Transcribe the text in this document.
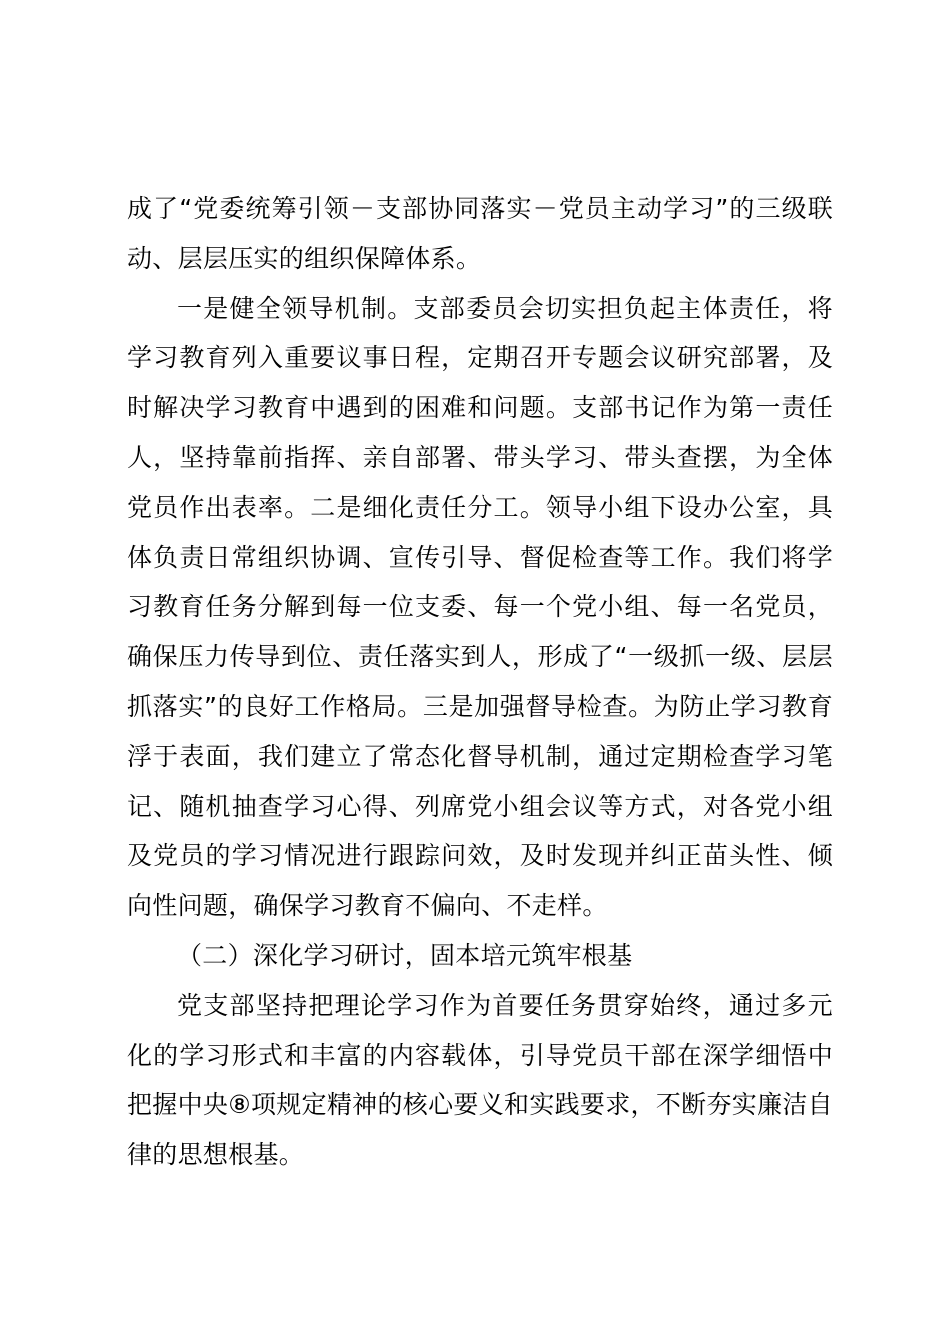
成了“党委统筹引领－支部协同落实－党员主动学习”的三级联动、层层压实的组织保障体系。

一是健全领导机制。支部委员会切实担负起主体责任，将学习教育列入重要议事日程，定期召开专题会议研究部署，及时解决学习教育中遇到的困难和问题。支部书记作为第一责任人，坚持靠前指挥、亲自部署、带头学习、带头查摆，为全体党员作出表率。二是细化责任分工。领导小组下设办公室，具体负责日常组织协调、宣传引导、督促检查等工作。我们将学习教育任务分解到每一位支委、每一个党小组、每一名党员，确保压力传导到位、责任落实到人，形成了“一级抓一级、层层抓落实”的良好工作格局。三是加强督导检查。为防止学习教育浮于表面，我们建立了常态化督导机制，通过定期检查学习笔记、随机抽查学习心得、列席党小组会议等方式，对各党小组及党员的学习情况进行跟踪问效，及时发现并纠正苗头性、倾向性问题，确保学习教育不偏向、不走样。

（二）深化学习研讨，固本培元筑牢根基

党支部坚持把理论学习作为首要任务贯穿始终，通过多元化的学习形式和丰富的内容载体，引导党员干部在深学细悟中把握中央⑧项规定精神的核心要义和实践要求，不断夯实廉洁自律的思想根基。
